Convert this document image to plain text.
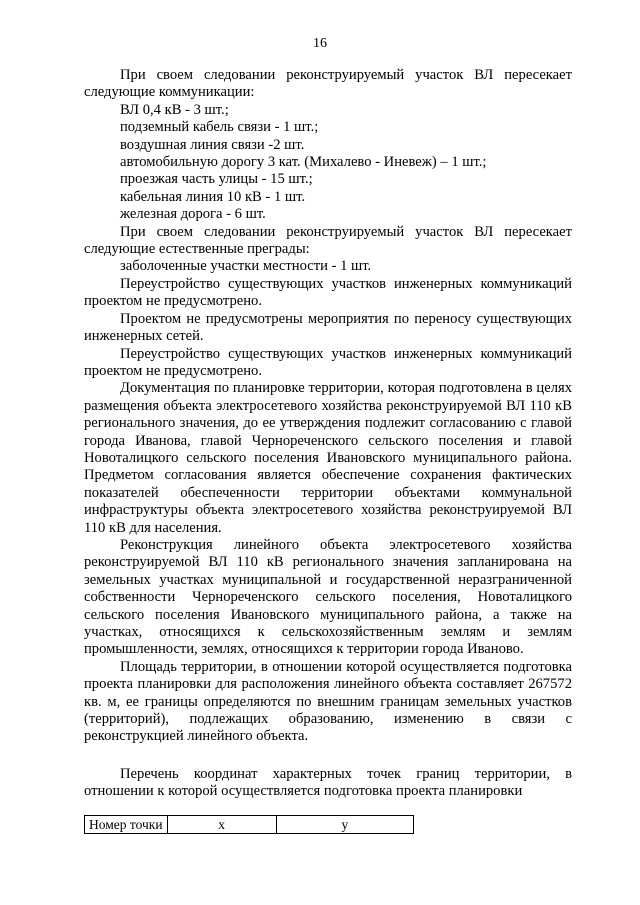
16

При своем следовании реконструируемый участок ВЛ пересекает следующие коммуникации:

ВЛ 0,4 кВ - 3 шт.;

подземный кабель связи - 1 шт.;

воздушная линия связи -2 шт.

автомобильную дорогу 3 кат. (Михалево - Иневеж) – 1 шт.;

проезжая часть улицы - 15 шт.;

кабельная линия 10 кВ - 1 шт.

железная дорога - 6 шт.

При своем следовании реконструируемый участок ВЛ пересекает следующие естественные преграды:

заболоченные участки местности - 1 шт.

Переустройство существующих участков инженерных коммуникаций проектом не предусмотрено.

Проектом не предусмотрены мероприятия по переносу существующих инженерных сетей.

Переустройство существующих участков инженерных коммуникаций проектом не предусмотрено.

Документация по планировке территории, которая подготовлена в целях размещения объекта электросетевого хозяйства реконструируемой ВЛ 110 кВ регионального значения, до ее утверждения подлежит согласованию с главой города Иванова, главой Чернореченского сельского поселения и главой Новоталицкого сельского поселения Ивановского муниципального района. Предметом согласования является обеспечение сохранения фактических показателей обеспеченности территории объектами коммунальной инфраструктуры объекта электросетевого хозяйства реконструируемой ВЛ 110 кВ для населения.

Реконструкция линейного объекта электросетевого хозяйства реконструируемой ВЛ 110 кВ регионального значения запланирована на земельных участках муниципальной и государственной неразграниченной собственности Чернореченского сельского поселения, Новоталицкого сельского поселения Ивановского муниципального района, а также на участках, относящихся к сельскохозяйственным землям и землям промышленности, землях, относящихся к территории города Иваново.

Площадь территории, в отношении которой осуществляется подготовка проекта планировки для расположения линейного объекта составляет 267572 кв. м, ее границы определяются по внешним границам земельных участков (территорий), подлежащих образованию, изменению в связи с реконструкцией линейного объекта.

Перечень координат характерных точек границ территории, в отношении к которой осуществляется подготовка проекта планировки

Номер точки	x	y
